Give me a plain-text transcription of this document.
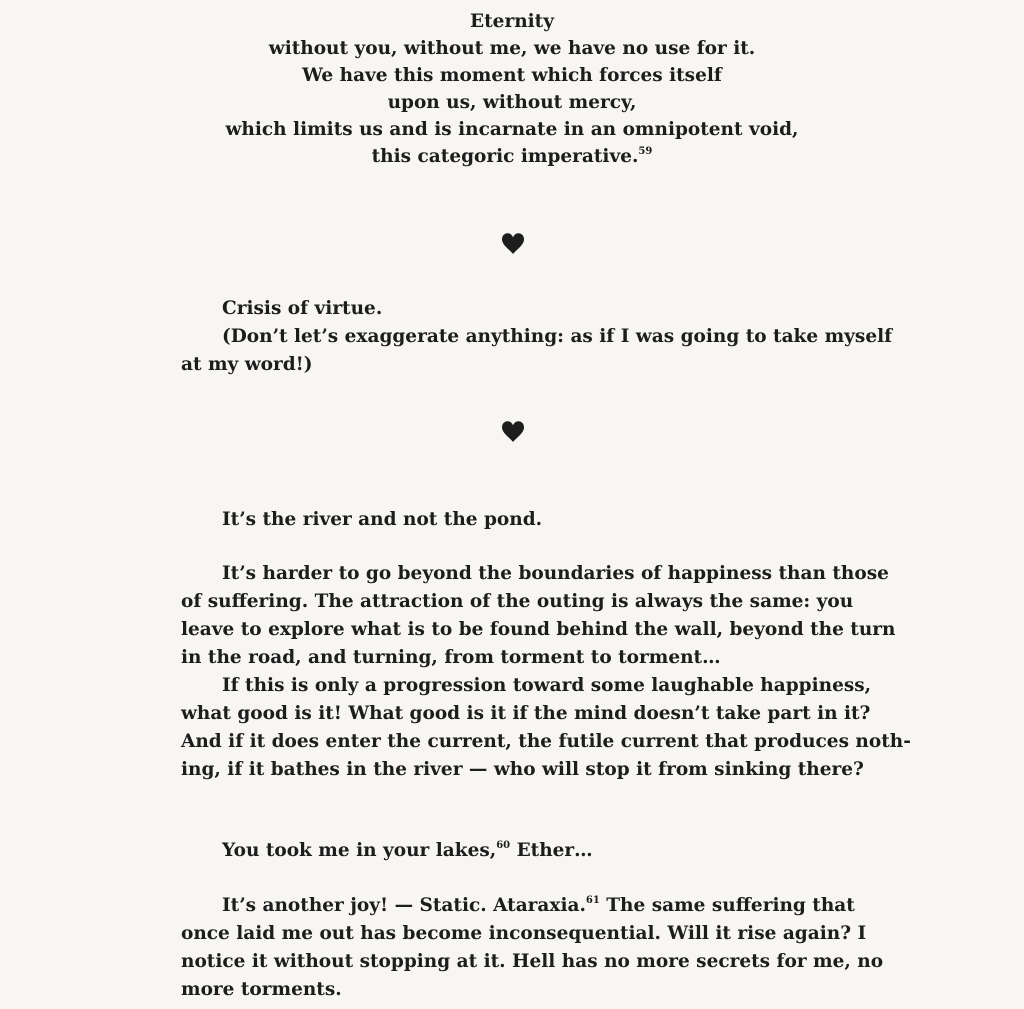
Eternity
without you, without me, we have no use for it.
We have this moment which forces itself
upon us, without mercy,
which limits us and is incarnate in an omnipotent void,
this categoric imperative.$^{59}$
Crisis of virtue.
(Don’t let’s exaggerate anything: as if I was going to take myself
at my word!)
It’s the river and not the pond.
It’s harder to go beyond the boundaries of happiness than those
of suffering. The attraction of the outing is always the same: you
leave to explore what is to be found behind the wall, beyond the turn
in the road, and turning, from torment to torment…
If this is only a progression toward some laughable happiness,
what good is it! What good is it if the mind doesn’t take part in it?
And if it does enter the current, the futile current that produces noth-
ing, if it bathes in the river — who will stop it from sinking there?
You took me in your lakes,$^{60}$ Ether…
It’s another joy! — Static. Ataraxia.$^{61}$ The same suffering that
once laid me out has become inconsequential. Will it rise again? I
notice it without stopping at it. Hell has no more secrets for me, no
more torments.
